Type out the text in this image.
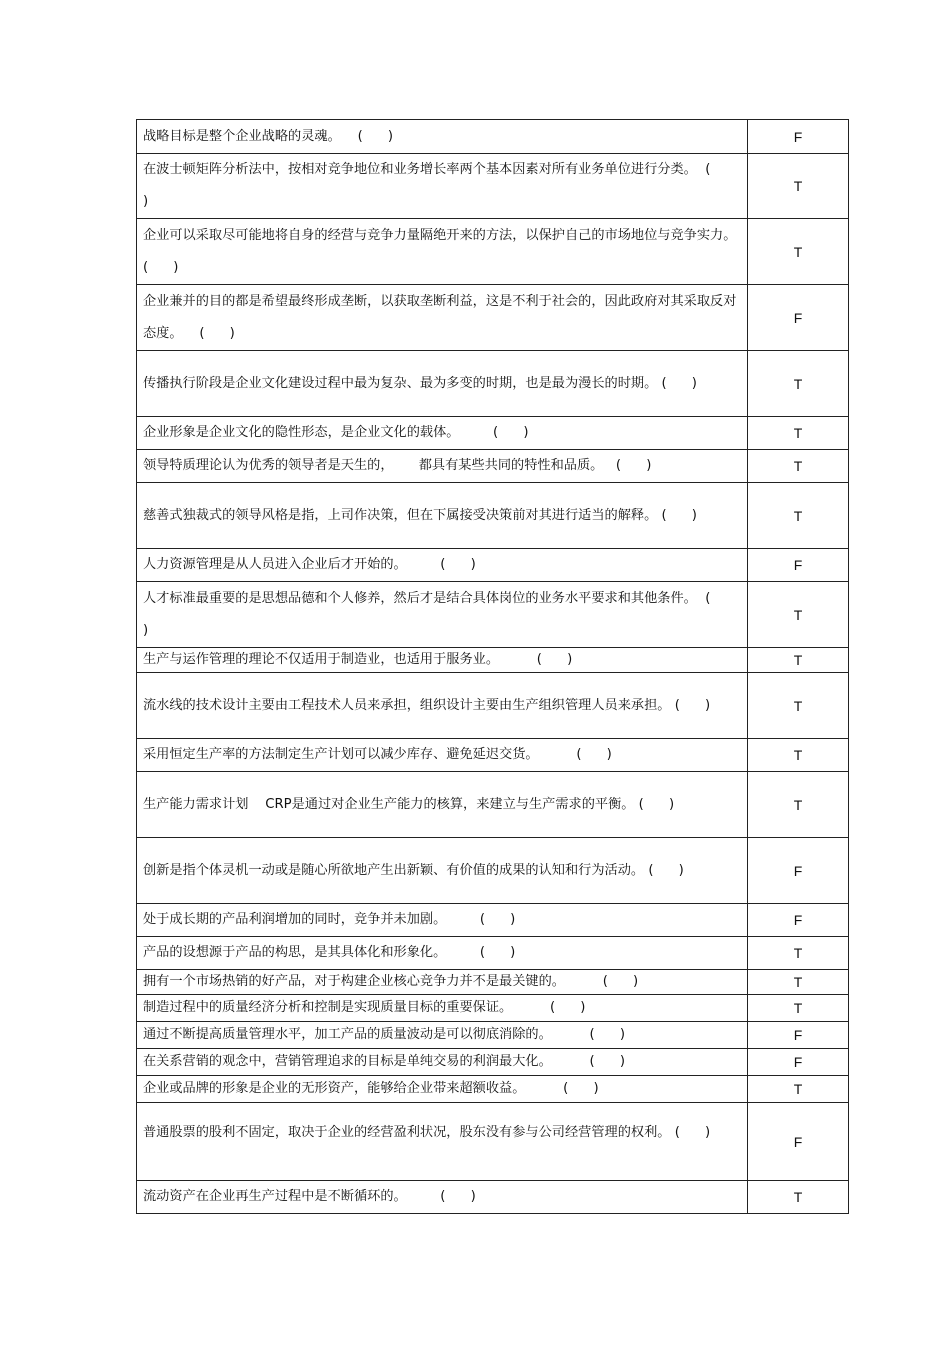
战略目标是整个企业战略的灵魂。    (      )	F
在波士顿矩阵分析法中，按相对竞争地位和业务增长率两个基本因素对所有业务单位进行分类。  (      )	T
企业可以采取尽可能地将自身的经营与竞争力量隔绝开来的方法，以保护自己的市场地位与竞争实力。  (      )	T
企业兼并的目的都是希望最终形成垄断，以获取垄断利益，这是不利于社会的，因此政府对其采取反对态度。    (      )	F
传播执行阶段是企业文化建设过程中最为复杂、最为多变的时期，也是最为漫长的时期。 (      )	T
企业形象是企业文化的隐性形态，是企业文化的载体。        (      )	T
领导特质理论认为优秀的领导者是天生的，      都具有某些共同的特性和品质。   (      )	T
慈善式独裁式的领导风格是指，上司作决策，但在下属接受决策前对其进行适当的解释。 (      )	T
人力资源管理是从人员进入企业后才开始的。        (      )	F
人才标准最重要的是思想品德和个人修养，然后才是结合具体岗位的业务水平要求和其他条件。  (      )	T
生产与运作管理的理论不仅适用于制造业，也适用于服务业。         (      )	T
流水线的技术设计主要由工程技术人员来承担，组织设计主要由生产组织管理人员来承担。 (      )	T
采用恒定生产率的方法制定生产计划可以减少库存、避免延迟交货。         (      )	T
生产能力需求计划    CRP是通过对企业生产能力的核算，来建立与生产需求的平衡。 (      )	T
创新是指个体灵机一动或是随心所欲地产生出新颖、有价值的成果的认知和行为活动。 (      )	F
处于成长期的产品利润增加的同时，竞争并未加剧。        (      )	F
产品的设想源于产品的构思，是其具体化和形象化。        (      )	T
拥有一个市场热销的好产品，对于构建企业核心竞争力并不是最关键的。         (      )	T
制造过程中的质量经济分析和控制是实现质量目标的重要保证。         (      )	T
通过不断提高质量管理水平，加工产品的质量波动是可以彻底消除的。         (      )	F
在关系营销的观念中，营销管理追求的目标是单纯交易的利润最大化。         (      )	F
企业或品牌的形象是企业的无形资产，能够给企业带来超额收益。         (      )	T
普通股票的股利不固定，取决于企业的经营盈利状况，股东没有参与公司经营管理的权利。 (      )	F
流动资产在企业再生产过程中是不断循环的。        (      )	T
